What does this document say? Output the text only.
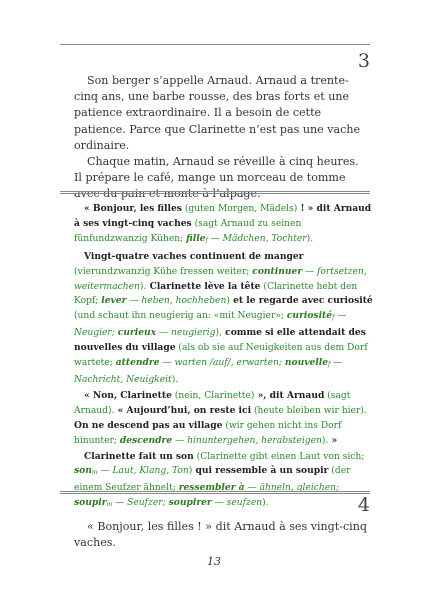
3

Son berger s’appelle Arnaud. Arnaud a trente-cinq ans, une barbe rousse, des bras forts et une patience extraordinaire. Il a besoin de cette patience. Parce que Clarinette n’est pas une vache ordinaire.

Chaque matin, Arnaud se réveille à cinq heures. Il prépare le café, mange un morceau de tomme avec du pain et monte à l’alpage.

« Bonjour, les filles (guten Morgen, Mädels) ! » dit Arnaud à ses vingt-cinq vaches (sagt Arnaud zu seinen fünfundzwanzig Kühen; fillef — Mädchen, Tochter).

Vingt-quatre vaches continuent de manger (vierundzwanzig Kühe fressen weiter; continuer — fortsetzen, weitermachen). Clarinette lève la tête (Clarinette hebt den Kopf; lever — heben, hochheben) et le regarde avec curiosité (und schaut ihn neugierig an: «mit Neugier»; curiositéf — Neugier; curieux — neugierig), comme si elle attendait des nouvelles du village (als ob sie auf Neuigkeiten aus dem Dorf wartete; attendre — warten /auf/, erwarten; nouvellef — Nachricht, Neuigkeit).

« Non, Clarinette (nein, Clarinette) », dit Arnaud (sagt Arnaud). « Aujourd’hui, on reste ici (heute bleiben wir hier). On ne descend pas au village (wir gehen nicht ins Dorf hinunter; descendre — hinuntergehen, herabsteigen). »

Clarinette fait un son (Clarinette gibt einen Laut von sich; sonm — Laut, Klang, Ton) qui ressemble à un soupir (der einem Seufzer ähnelt; ressembler à — ähneln, gleichen; soupirm — Seufzer; soupirer — seufzen).	4

« Bonjour, les filles ! » dit Arnaud à ses vingt-cinq vaches.

13
